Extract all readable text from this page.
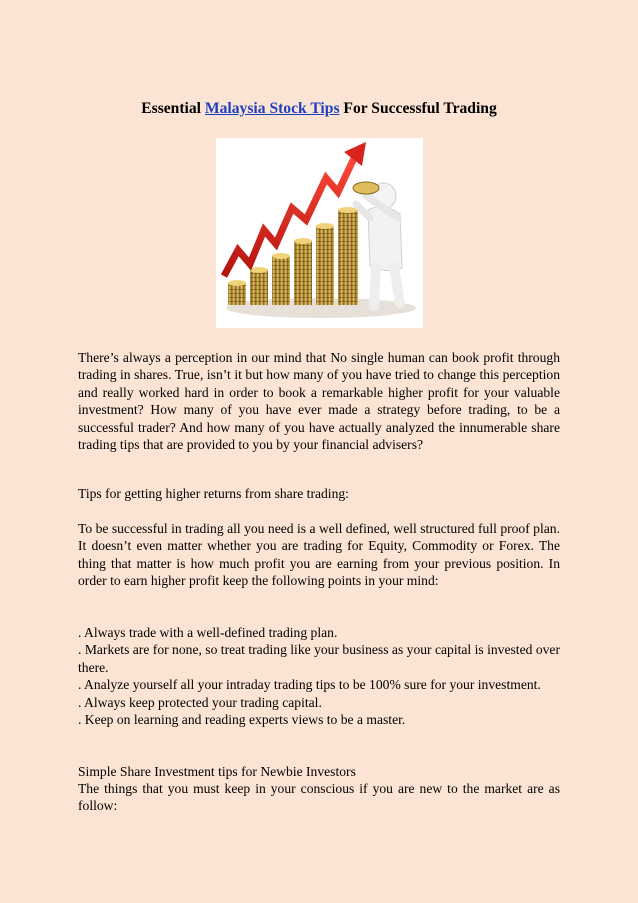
Essential Malaysia Stock Tips For Successful Trading

There’s always a perception in our mind that No single human can book profit through trading in shares. True, isn’t it but how many of you have tried to change this perception and really worked hard in order to book a remarkable higher profit for your valuable investment? How many of you have ever made a strategy before trading, to be a successful trader? And how many of you have actually analyzed the innumerable share trading tips that are provided to you by your financial advisers?

Tips for getting higher returns from share trading:

To be successful in trading all you need is a well defined, well structured full proof plan. It doesn’t even matter whether you are trading for Equity, Commodity or Forex. The thing that matter is how much profit you are earning from your previous position. In order to earn higher profit keep the following points in your mind:

. Always trade with a well-defined trading plan.

. Markets are for none, so treat trading like your business as your capital is invested over there.

. Analyze yourself all your intraday trading tips to be 100% sure for your investment.

. Always keep protected your trading capital.

. Keep on learning and reading experts views to be a master.

Simple Share Investment tips for Newbie Investors

The things that you must keep in your conscious if you are new to the market are as follow:
